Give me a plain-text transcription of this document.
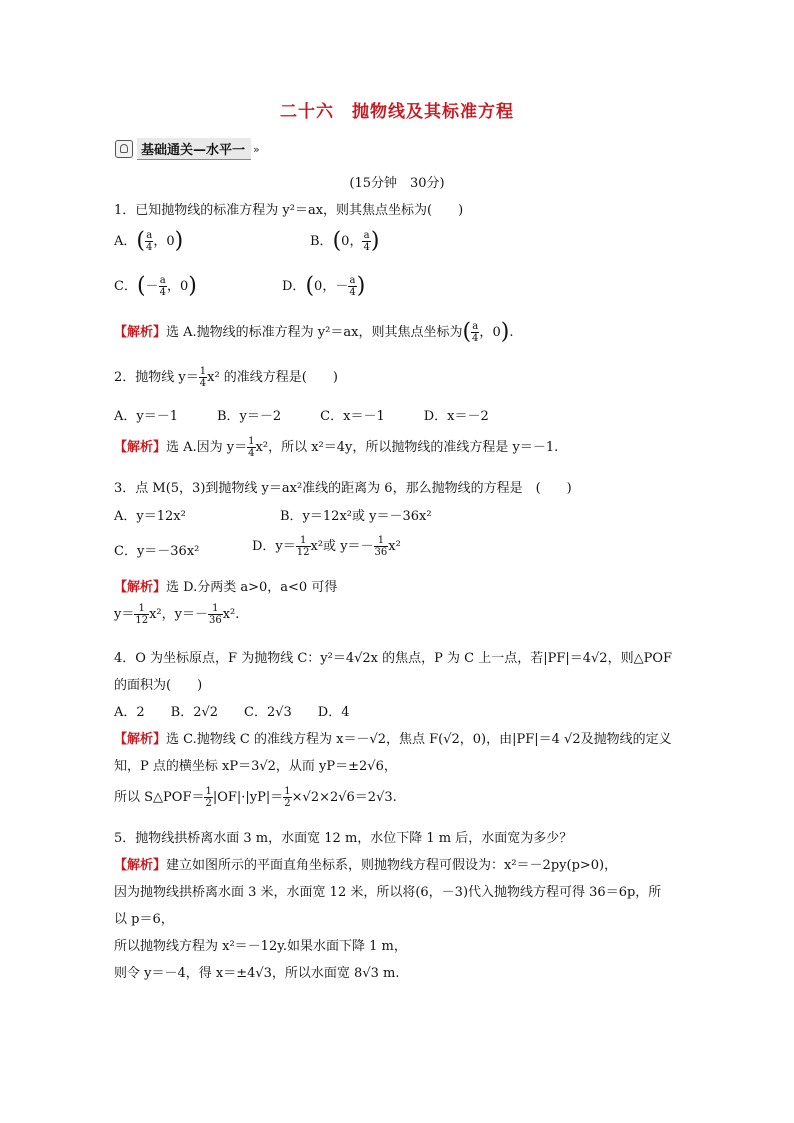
二十六　抛物线及其标准方程
基础通关—水平一 »
(15分钟　30分)
1．已知抛物线的标准方程为 y²＝ax，则其焦点坐标为(　　)
A．( $\frac{a}{4}$ ，0)	B．(0， $\frac{a}{4}$ )
C．(－ $\frac{a}{4}$ ，0)	D．(0，－ $\frac{a}{4}$ )
【解析】选 A.抛物线的标准方程为 y²＝ax，则其焦点坐标为( $\frac{a}{4}$ ，0).
2．抛物线 $y= \frac{1}{4} x^2$ 的准线方程是(　　)
A．y＝－1　　　B．y＝－2　　　C．x＝－1　　　D．x＝－2
【解析】选 A.因为 $y= \frac{1}{4} x^2$，所以 x²＝4y，所以抛物线的准线方程是 y＝－1.
3．点 M(5，3)到抛物线 y＝ax²准线的距离为 6，那么抛物线的方程是　(　　)
A．y＝12x²	B．y＝12x²或 y＝－36x²
C．y＝－36x²	D．$y= \frac{1}{12} x^2$或 $y=- \frac{1}{36} x^2$
【解析】选 D.分两类 a>0，a<0 可得
$y= \frac{1}{12} x^2$，$y=- \frac{1}{36} x^2$.
4．O 为坐标原点，F 为抛物线 C：y²＝4√2x 的焦点，P 为 C 上一点，若|PF|＝4√2，则△POF
的面积为(　　)
A．2　　B．2√2　　C．2√3　　D．4
【解析】选 C.抛物线 C 的准线方程为 x＝－√2，焦点 F(√2，0)，由|PF|＝4 √2及抛物线的定义
知，P 点的横坐标 xP＝3√2，从而 yP＝±2√6，
所以 S△POF＝ $\frac{1}{2} |OF|\cdot|yP|= \frac{1}{2} \times√2\times 2√6=2√3$.
5．抛物线拱桥离水面 3 m，水面宽 12 m，水位下降 1 m 后，水面宽为多少？
【解析】建立如图所示的平面直角坐标系，则抛物线方程可假设为：x²＝－2py(p>0)，
因为抛物线拱桥离水面 3 米，水面宽 12 米，所以将(6，－3)代入抛物线方程可得 36＝6p，所
以 p＝6，
所以抛物线方程为 x²＝－12y.如果水面下降 1 m，
则令 y＝－4，得 x＝±4√3，所以水面宽 8√3 m.
